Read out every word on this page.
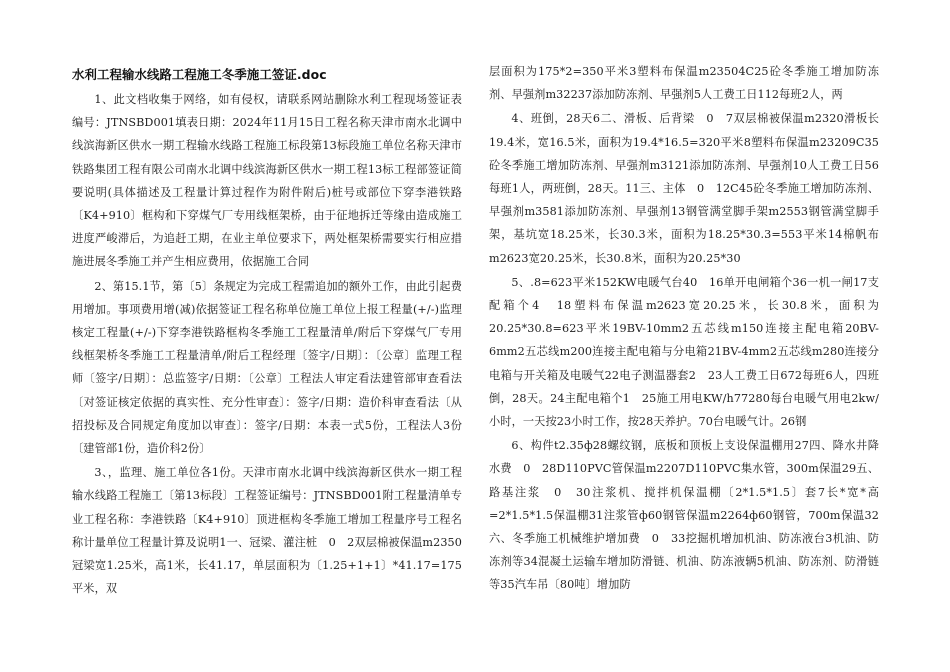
水利工程输水线路工程施工冬季施工签证.doc

1、此文档收集于网络，如有侵权，请联系网站删除水利工程现场签证表编号：JTNSBD001填表日期：2024年11月15日工程名称天津市南水北调中线滨海新区供水一期工程输水线路工程施工标段第13标段施工单位名称天津市铁路集团工程有限公司南水北调中线滨海新区供水一期工程13标工程部签证简要说明(具体描述及工程量计算过程作为附件附后)桩号或部位下穿李港铁路〔K4+910〕框构和下穿煤气厂专用线框架桥，由于征地拆迁等缘由造成施工进度严峻滞后，为追赶工期，在业主单位要求下，两处框架桥需要实行相应措施进展冬季施工并产生相应费用，依据施工合同

2、第15.1节，第〔5〕条规定为完成工程需追加的额外工作，由此引起费用增加。事项费用增(减)依据签证工程名称单位施工单位上报工程量(+/-)监理核定工程量(+/-)下穿李港铁路框构冬季施工工程量清单/附后下穿煤气厂专用线框架桥冬季施工工程量清单/附后工程经理〔签字/日期〕：〔公章〕监理工程师〔签字/日期〕：总监签字/日期：〔公章〕工程法人审定看法建管部审查看法〔对签证核定依据的真实性、充分性审查〕：签字/日期：造价科审查看法〔从招投标及合同规定角度加以审查〕：签字/日期：本表一式5份，工程法人3份〔建管部1份，造价科2份〕

3、，监理、施工单位各1份。天津市南水北调中线滨海新区供水一期工程输水线路工程施工〔第13标段〕工程签证编号：JTNSBD001附工程量清单专业工程名称：李港铁路〔K4+910〕顶进框构冬季施工增加工程量序号工程名称计量单位工程量计算及说明1一、冠梁、灌注桩　0　2双层棉被保温m2350冠梁宽1.25米，高1米，长41.17，单层面积为〔1.25+1+1〕*41.17=175平米，双

层面积为175*2=350平米3塑料布保温m23504C25砼冬季施工增加防冻剂、早强剂m32237添加防冻剂、早强剂5人工费工日112每班2人，两

4、班倒，28天6二、滑板、后背梁　0　7双层棉被保温m2320滑板长19.4米，宽16.5米，面积为19.4*16.5=320平米8塑料布保温m23209C35砼冬季施工增加防冻剂、早强剂m3121添加防冻剂、早强剂10人工费工日56每班1人，两班倒，28天。11三、主体　0　12C45砼冬季施工增加防冻剂、早强剂m3581添加防冻剂、早强剂13钢管满堂脚手架m2553钢管满堂脚手架，基坑宽18.25米，长30.3米，面积为18.25*30.3=553平米14棉帆布m2623宽20.25米，长30.8米，面积为20.25*30

5、.8=623平米152KW电暖气台40　16单开电闸箱个36一机一闸17支配箱个4　18塑料布保温m2623宽20.25米，长30.8米，面积为20.25*30.8=623平米19BV-10mm2五芯线m150连接主配电箱20BV-6mm2五芯线m200连接主配电箱与分电箱21BV-4mm2五芯线m280连接分电箱与开关箱及电暖气22电子测温器套2　23人工费工日672每班6人，四班倒，28天。24主配电箱个1　25施工用电KW/h77280每台电暖气用电2kw/小时，一天按23小时工作，按28天养护。70台电暖气计。26钢

6、构件t2.35ф28螺纹钢，底板和顶板上支设保温棚用27四、降水井降水费　0　28D110PVC管保温m2207D110PVC集水管，300m保温29五、路基注浆　0　30注浆机、搅拌机保温棚〔2*1.5*1.5〕套7长*宽*高=2*1.5*1.5保温棚31注浆管ф60钢管保温m2264ф60钢管，700m保温32六、冬季施工机械维护增加费　0　33挖掘机增加机油、防冻液台3机油、防冻剂等34混凝土运输车增加防滑链、机油、防冻液辆5机油、防冻剂、防滑链等35汽车吊〔80吨〕增加防
